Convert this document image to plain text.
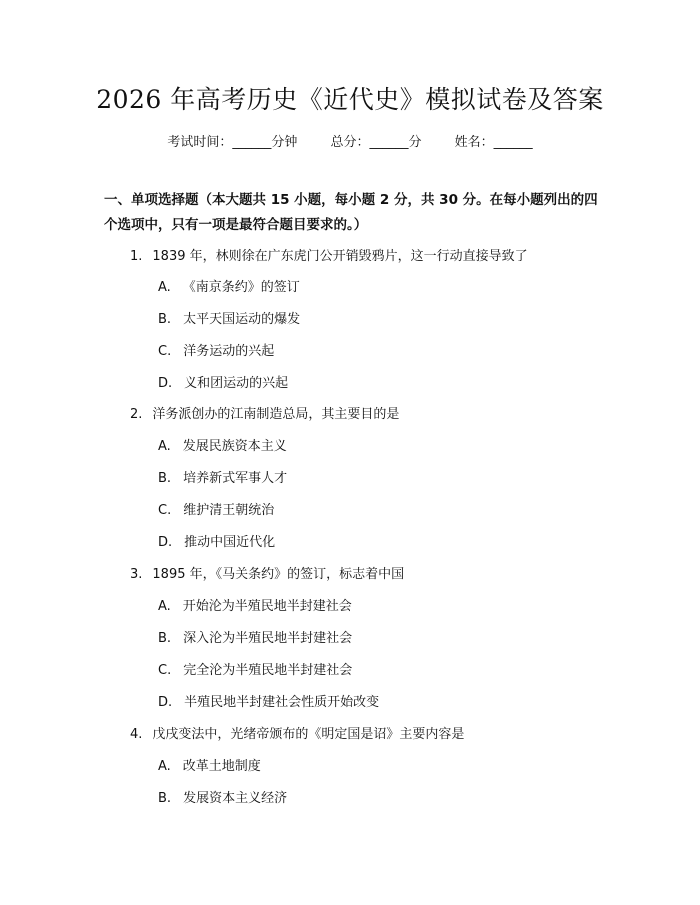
2026 年高考历史《近代史》模拟试卷及答案
考试时间：______分钟	总分：______分	姓名：______
一、单项选择题（本大题共 15 小题，每小题 2 分，共 30 分。在每小题列出的四个选项中，只有一项是最符合题目要求的。）
1. 1839 年，林则徐在广东虎门公开销毁鸦片，这一行动直接导致了
A. 《南京条约》的签订
B. 太平天国运动的爆发
C. 洋务运动的兴起
D. 义和团运动的兴起
2. 洋务派创办的江南制造总局，其主要目的是
A. 发展民族资本主义
B. 培养新式军事人才
C. 维护清王朝统治
D. 推动中国近代化
3. 1895 年，《马关条约》的签订，标志着中国
A. 开始沦为半殖民地半封建社会
B. 深入沦为半殖民地半封建社会
C. 完全沦为半殖民地半封建社会
D. 半殖民地半封建社会性质开始改变
4. 戊戌变法中，光绪帝颁布的《明定国是诏》主要内容是
A. 改革土地制度
B. 发展资本主义经济
